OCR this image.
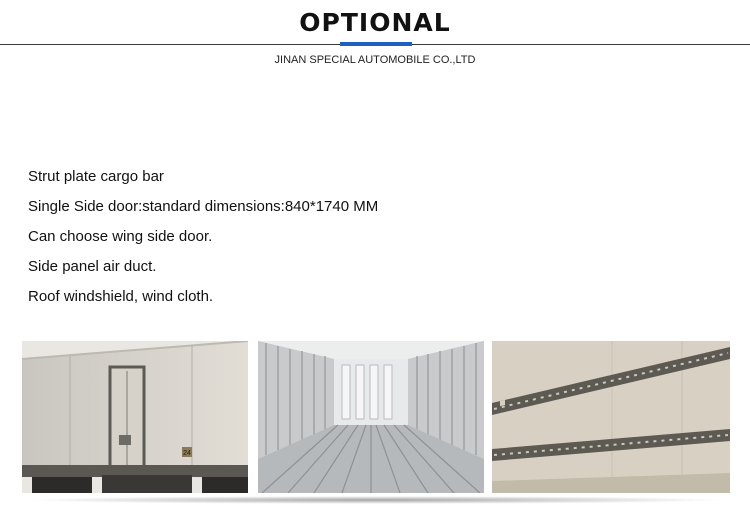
OPTIONAL
JINAN SPECIAL AUTOMOBILE CO.,LTD
Strut plate cargo bar
Single Side door:standard dimensions:840*1740 MM
Can choose wing side door.
Side panel air duct.
Roof windshield, wind cloth.
24
